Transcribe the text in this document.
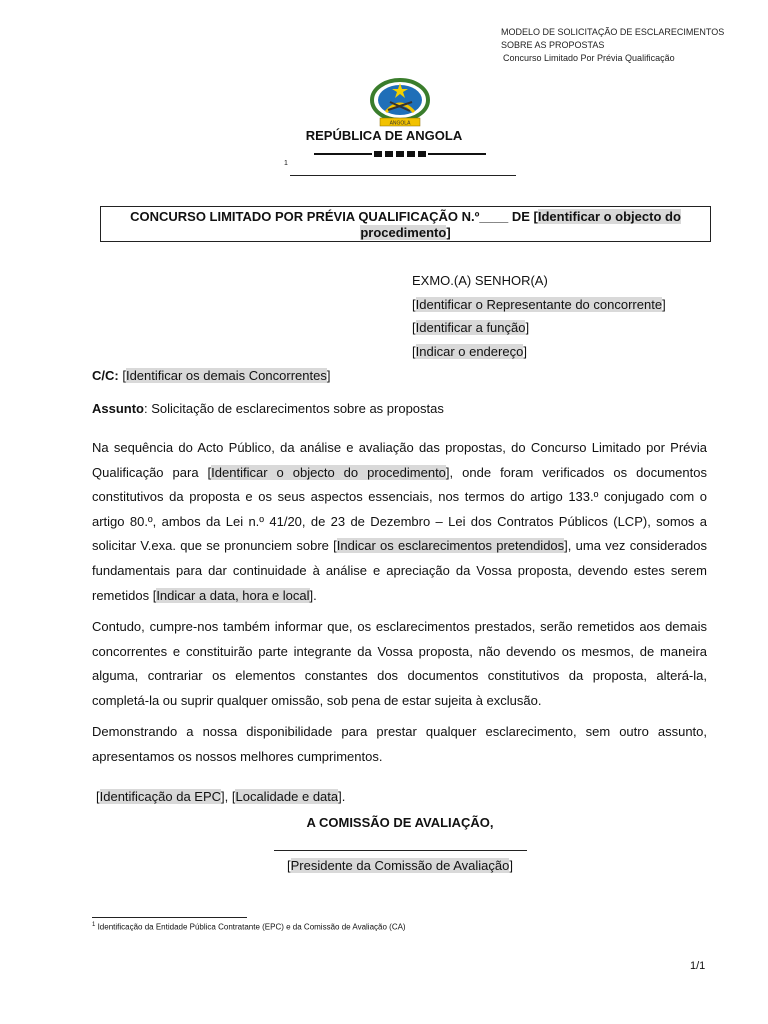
MODELO DE SOLICITAÇÃO DE ESCLARECIMENTOS
SOBRE AS PROPOSTAS
Concurso Limitado Por Prévia Qualificação
ANGOLA
REPÚBLICA DE ANGOLA
1
CONCURSO LIMITADO POR PRÉVIA QUALIFICAÇÃO N.º____ DE [Identificar o objecto do
procedimento]
EXMO.(A) SENHOR(A)
[Identificar o Representante do concorrente]
[Identificar a função]
[Indicar o endereço]
C/C: [Identificar os demais Concorrentes]
Assunto: Solicitação de esclarecimentos sobre as propostas
Na sequência do Acto Público, da análise e avaliação das propostas, do Concurso Limitado por Prévia Qualificação para [Identificar o objecto do procedimento], onde foram verificados os documentos constitutivos da proposta e os seus aspectos essenciais, nos termos do artigo 133.º conjugado com o artigo 80.º, ambos da Lei n.º 41/20, de 23 de Dezembro – Lei dos Contratos Públicos (LCP), somos a solicitar V.exa. que se pronunciem sobre [Indicar os esclarecimentos pretendidos], uma vez considerados fundamentais para dar continuidade à análise e apreciação da Vossa proposta, devendo estes serem remetidos [Indicar a data, hora e local].
Contudo, cumpre-nos também informar que, os esclarecimentos prestados, serão remetidos aos demais concorrentes e constituirão parte integrante da Vossa proposta, não devendo os mesmos, de maneira alguma, contrariar os elementos constantes dos documentos constitutivos da proposta, alterá-la, completá-la ou suprir qualquer omissão, sob pena de estar sujeita à exclusão.
Demonstrando a nossa disponibilidade para prestar qualquer esclarecimento, sem outro assunto, apresentamos os nossos melhores cumprimentos.
[Identificação da EPC], [Localidade e data].
A COMISSÃO DE AVALIAÇÃO,
[Presidente da Comissão de Avaliação]
$^1$ Identificação da Entidade Pública Contratante (EPC) e da Comissão de Avaliação (CA)
1/1
